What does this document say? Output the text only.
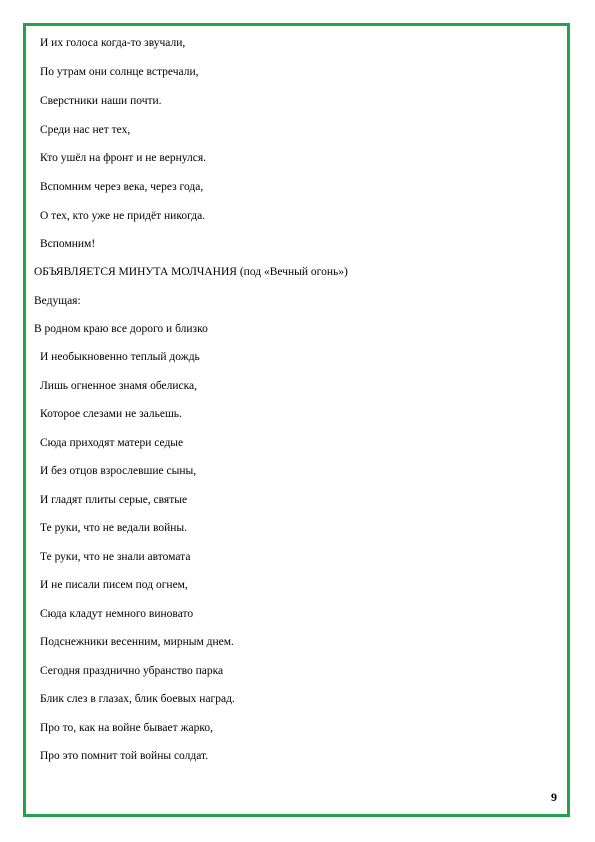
И их голоса когда-то звучали,
По утрам они солнце встречали,
Сверстники наши почти.
Среди нас нет тех,
Кто ушёл на фронт и не вернулся.
Вспомним через века, через года,
О тех, кто уже не придёт никогда.
Вспомним!
ОБЪЯВЛЯЕТСЯ МИНУТА МОЛЧАНИЯ (под «Вечный огонь»)
Ведущая:
В родном краю все дорого и близко
И необыкновенно теплый дождь
Лишь огненное знамя обелиска,
Которое слезами не зальешь.
Сюда приходят матери седые
И без отцов взрослевшие сыны,
И гладят плиты серые, святые
Те руки, что не ведали войны.
Те руки, что не знали автомата
И не писали писем под огнем,
Сюда кладут немного виновато
Подснежники весенним, мирным днем.
Сегодня празднично убранство парка
Блик слез в глазах, блик боевых наград.
Про то, как на войне бывает жарко,
Про это помнит той войны солдат.
9
